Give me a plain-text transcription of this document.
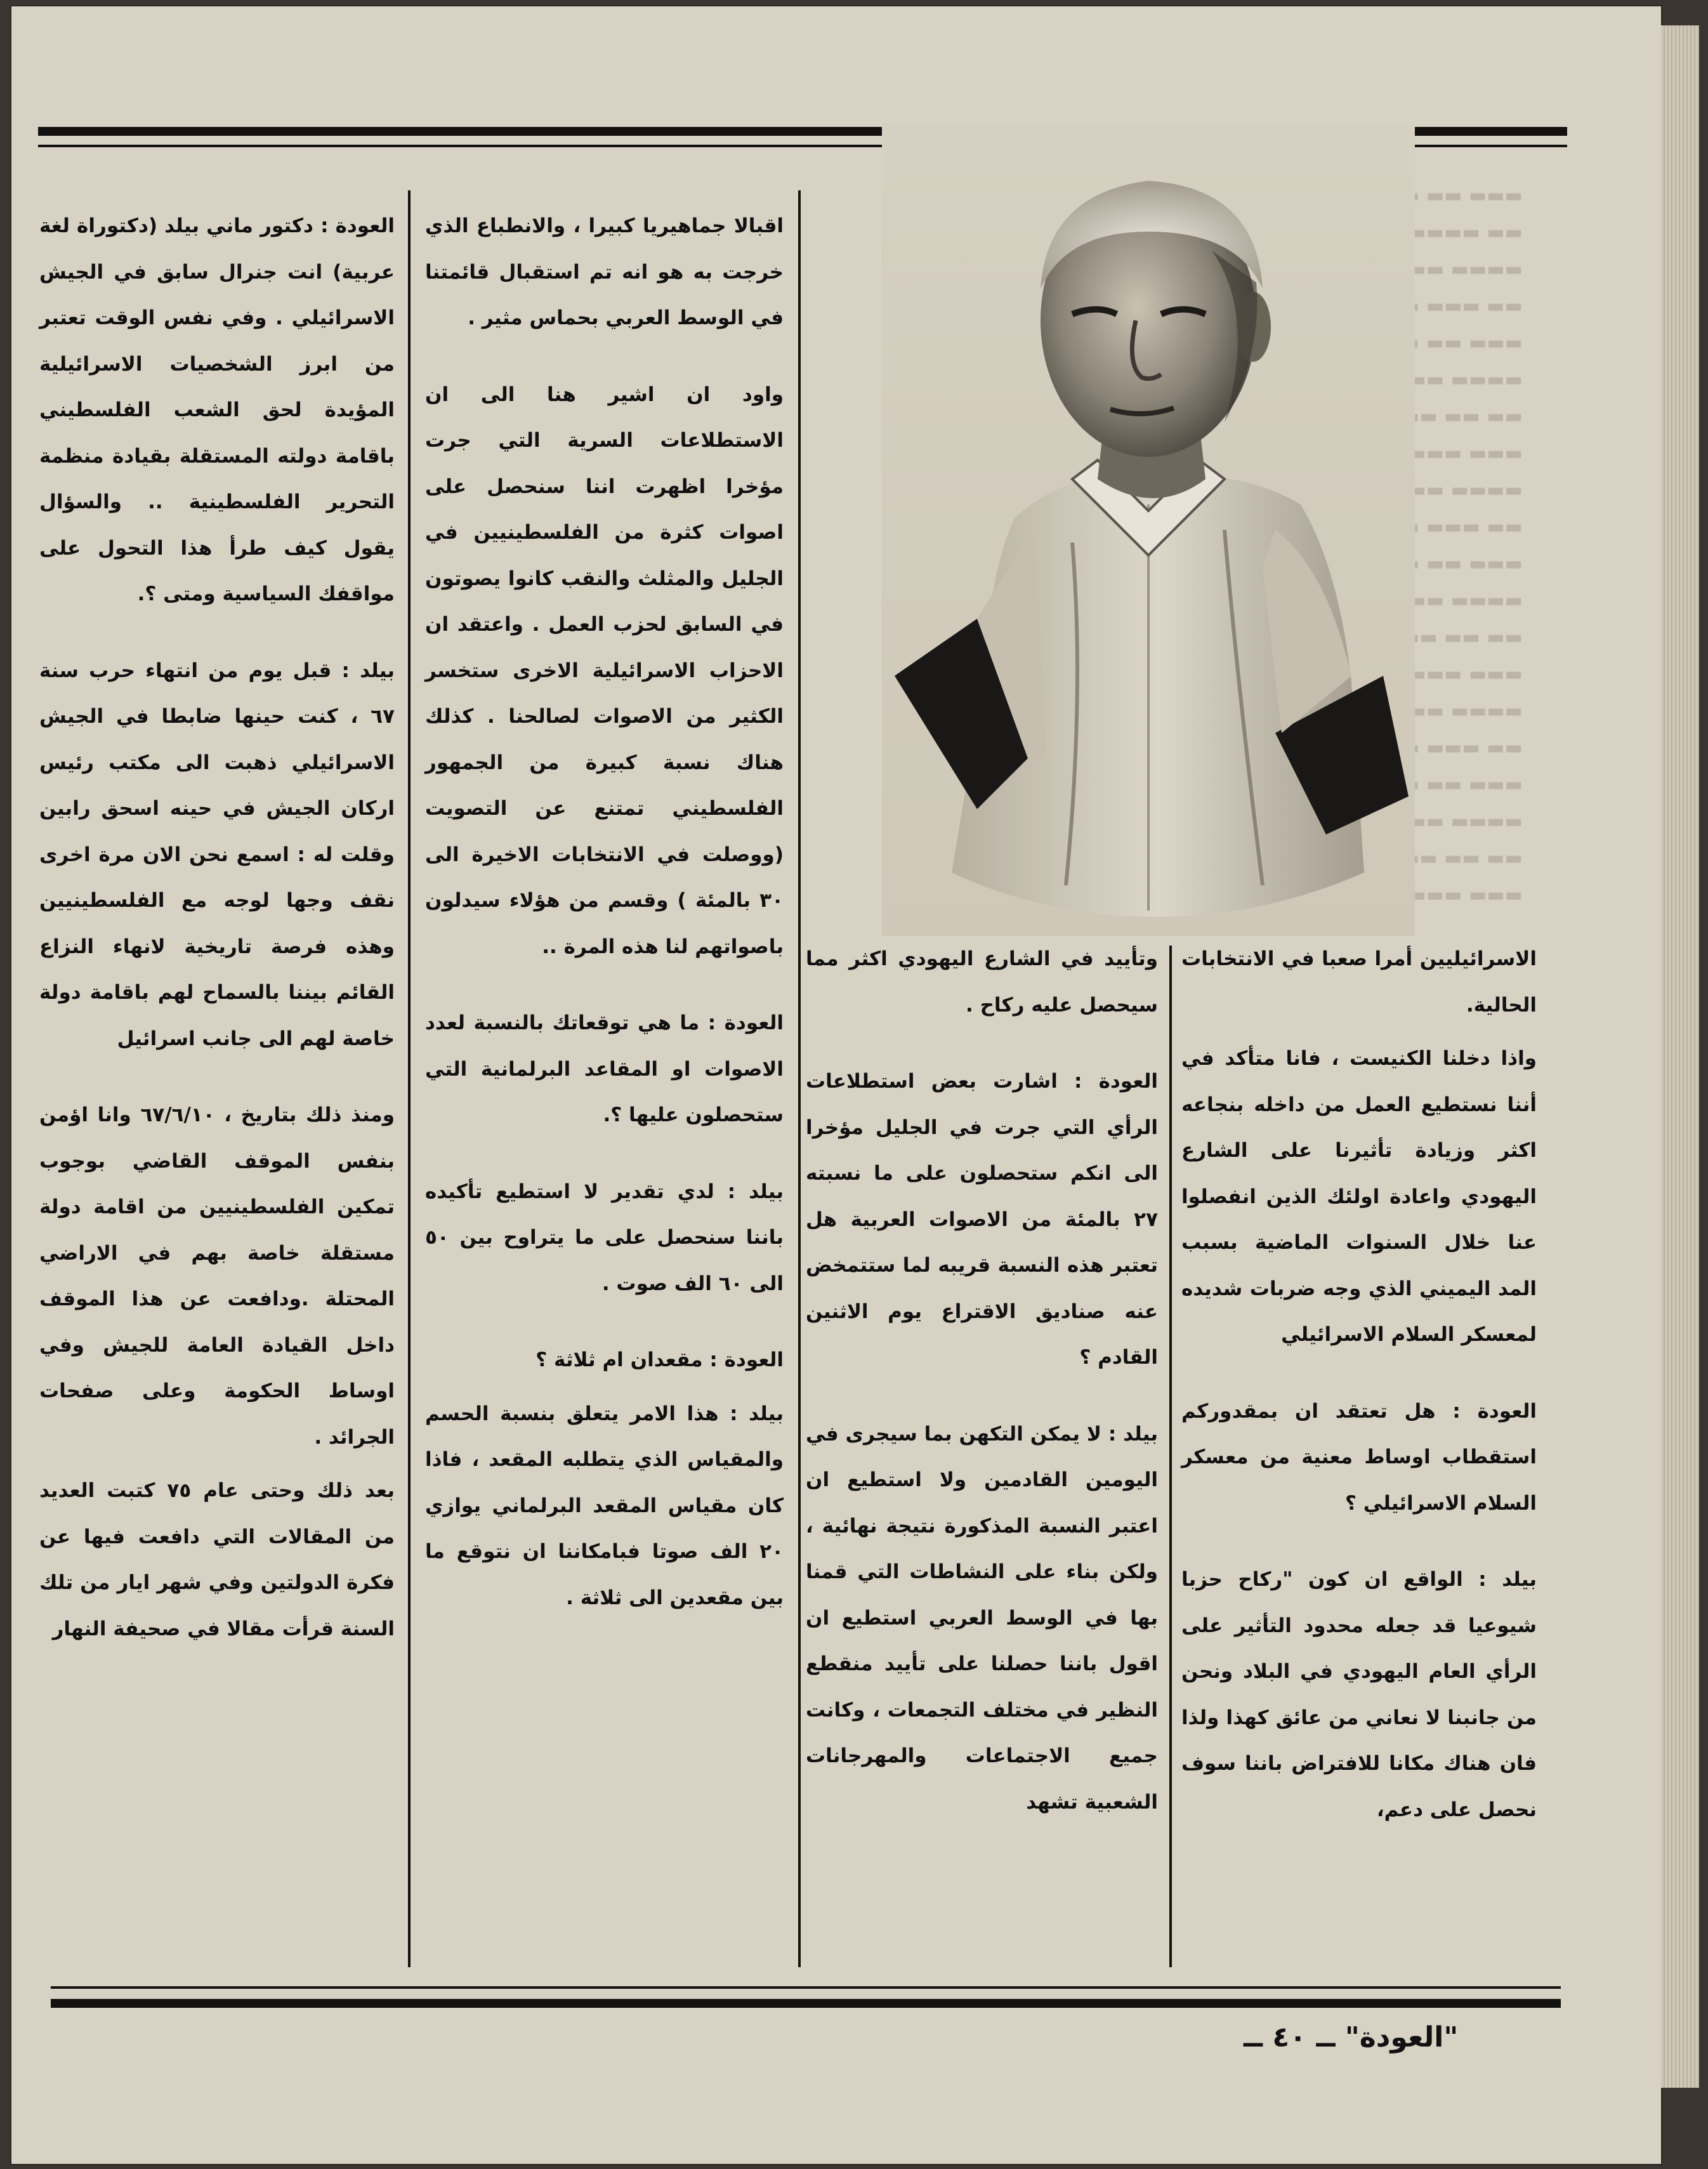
العودة : دكتور ماني بيلد (دكتوراة لغة عربية) انت جنرال سابق في الجيش الاسرائيلي . وفي نفس الوقت تعتبر من ابرز الشخصيات الاسرائيلية المؤيدة لحق الشعب الفلسطيني باقامة دولته المستقلة بقيادة منظمة التحرير الفلسطينية .. والسؤال يقول كيف طرأ هذا التحول على مواقفك السياسية ومتى ؟.

بيلد : قبل يوم من انتهاء حرب سنة ٦٧ ، كنت حينها ضابطا في الجيش الاسرائيلي ذهبت الى مكتب رئيس اركان الجيش في حينه اسحق رابين وقلت له : اسمع نحن الان مرة اخرى نقف وجها لوجه مع الفلسطينيين وهذه فرصة تاريخية لانهاء النزاع القائم بيننا بالسماح لهم باقامة دولة خاصة لهم الى جانب اسرائيل

ومنذ ذلك بتاريخ ، ٦٧/٦/١٠ وانا اؤمن بنفس الموقف القاضي بوجوب تمكين الفلسطينيين من اقامة دولة مستقلة خاصة بهم في الاراضي المحتلة .ودافعت عن هذا الموقف داخل القيادة العامة للجيش وفي اوساط الحكومة وعلى صفحات الجرائد .

بعد ذلك وحتى عام ٧٥ كتبت العديد من المقالات التي دافعت فيها عن فكرة الدولتين وفي شهر ايار من تلك السنة قرأت مقالا في صحيفة النهار

اقبالا جماهيريا كبيرا ، والانطباع الذي خرجت به هو انه تم استقبال قائمتنا في الوسط العربي بحماس مثير .

واود ان اشير هنا الى ان الاستطلاعات السرية التي جرت مؤخرا اظهرت اننا سنحصل على اصوات كثرة من الفلسطينيين في الجليل والمثلث والنقب كانوا يصوتون في السابق لحزب العمل . واعتقد ان الاحزاب الاسرائيلية الاخرى ستخسر الكثير من الاصوات لصالحنا . كذلك هناك نسبة كبيرة من الجمهور الفلسطيني تمتنع عن التصويت (ووصلت في الانتخابات الاخيرة الى ٣٠ بالمئة ) وقسم من هؤلاء سيدلون باصواتهم لنا هذه المرة ..

العودة : ما هي توقعاتك بالنسبة لعدد الاصوات او المقاعد البرلمانية التي ستحصلون عليها ؟.

بيلد : لدي تقدير لا استطيع تأكيده باننا سنحصل على ما يتراوح بين ٥٠ الى ٦٠ الف صوت .

العودة : مقعدان ام ثلاثة ؟

بيلد : هذا الامر يتعلق بنسبة الحسم والمقياس الذي يتطلبه المقعد ، فاذا كان مقياس المقعد البرلماني يوازي ٢٠ الف صوتا فبامكاننا ان نتوقع ما بين مقعدين الى ثلاثة .

وتأييد في الشارع اليهودي اكثر مما سيحصل عليه ركاح .

العودة : اشارت بعض استطلاعات الرأي التي جرت في الجليل مؤخرا الى انكم ستحصلون على ما نسبته ٢٧ بالمئة من الاصوات العربية هل تعتبر هذه النسبة قريبه لما ستتمخض عنه صناديق الاقتراع يوم الاثنين القادم ؟

بيلد : لا يمكن التكهن بما سيجرى في اليومين القادمين ولا استطيع ان اعتبر النسبة المذكورة نتيجة نهائية ، ولكن بناء على النشاطات التي قمنا بها في الوسط العربي استطيع ان اقول باننا حصلنا على تأييد منقطع النظير في مختلف التجمعات ، وكانت جميع الاجتماعات والمهرجانات الشعبية تشهد

الاسرائيليين أمرا صعبا في الانتخابات الحالية.

واذا دخلنا الكنيست ، فانا متأكد في أننا نستطيع العمل من داخله بنجاعه اكثر وزيادة تأثيرنا على الشارع اليهودي واعادة اولئك الذين انفصلوا عنا خلال السنوات الماضية بسبب المد اليميني الذي وجه ضربات شديده لمعسكر السلام الاسرائيلي

العودة : هل تعتقد ان بمقدوركم استقطاب اوساط معنية من معسكر السلام الاسرائيلي ؟

بيلد : الواقع ان كون "ركاح حزبا شيوعيا قد جعله محدود التأثير على الرأي العام اليهودي في البلاد ونحن من جانبنا لا نعاني من عائق كهذا ولذا فان هناك مكانا للافتراض باننا سوف نحصل على دعم،

"العودة" ــ ٤٠ ــ
